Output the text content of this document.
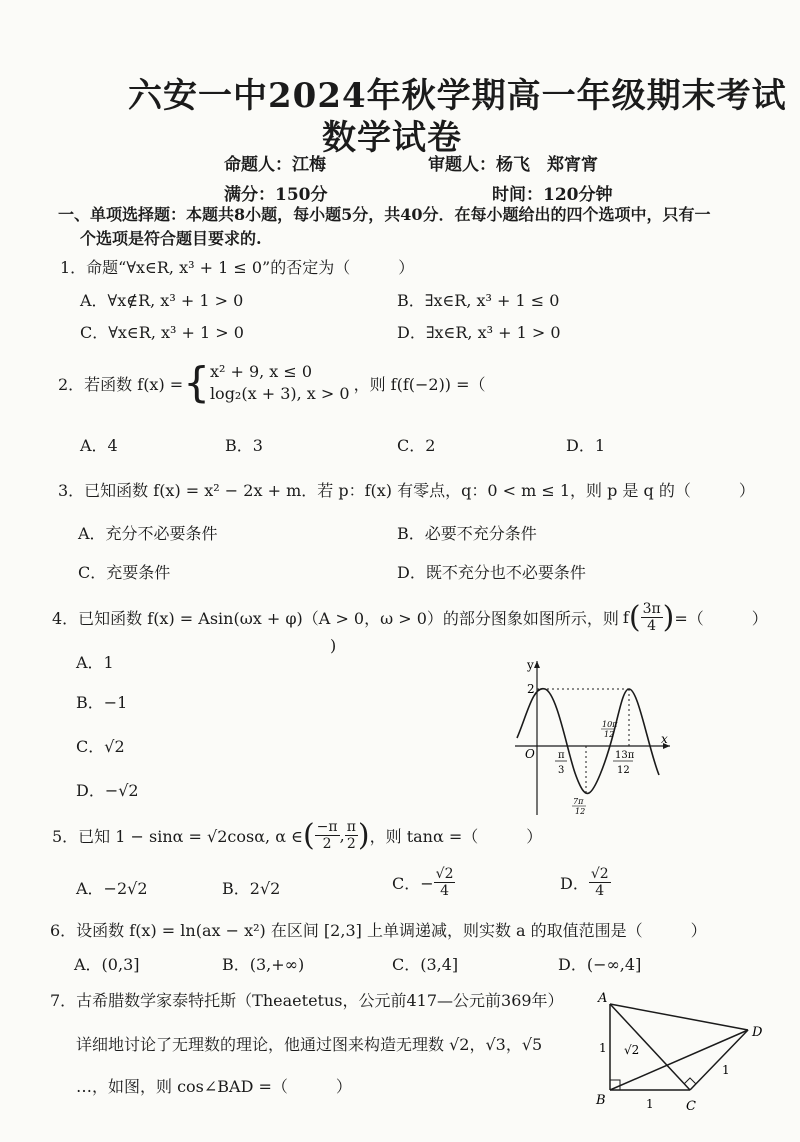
六安一中2024年秋学期高一年级期末考试
数学试卷
命题人：江梅	审题人：杨飞　郑宵宵
满分：150分	时间：120分钟
一、单项选择题：本题共8小题，每小题5分，共40分．在每小题给出的四个选项中，只有一
个选项是符合题目要求的.
1．命题“∀x∈R, x³ + 1 ≤ 0”的否定为（　　　）
A．∀x∉R, x³ + 1 > 0	B．∃x∈R, x³ + 1 ≤ 0
C．∀x∈R, x³ + 1 > 0	D．∃x∈R, x³ + 1 > 0
2．若函数 f(x) = { x² + 9, x ≤ 0
log₂(x + 3), x > 0 ，则 f(f(−2)) =（
A．4	B．3	C．2	D．1
3．已知函数 f(x) = x² − 2x + m．若 p：f(x) 有零点，q：0 < m ≤ 1，则 p 是 q 的（　　　）
A．充分不必要条件	B．必要不充分条件
C．充要条件	D．既不充分也不必要条件
4．已知函数 f(x) = Asin(ωx + φ)（A > 0，ω > 0）的部分图象如图所示，则 f ( $\frac{3\pi}{4}$ ) =（　　　）
)
A．1
B．−1
C．√2
D．−√2
y
x
O
2
π
3
13π
12
10π
12
7π
12
5．已知 1 − sinα = √2cosα, α ∈ ( $\frac{-\pi}{2}$ , $\frac{\pi}{2}$ ) ，则 tanα =（　　　）
A．−2√2	B．2√2	C．− $\frac{√2}{4}$	D． $\frac{√2}{4}$
6．设函数 f(x) = ln(ax − x²) 在区间 [2,3] 上单调递减，则实数 a 的取值范围是（　　　）
A．(0,3]	B．(3,+∞)	C．(3,4]	D．(−∞,4]
7．古希腊数学家泰特托斯（Theaetetus，公元前417—公元前369年）
详细地讨论了无理数的理论，他通过图来构造无理数 √2，√3，√5
…，如图，则 cos∠BAD =（　　　）
A
B	C
D
1
1
1
√2
